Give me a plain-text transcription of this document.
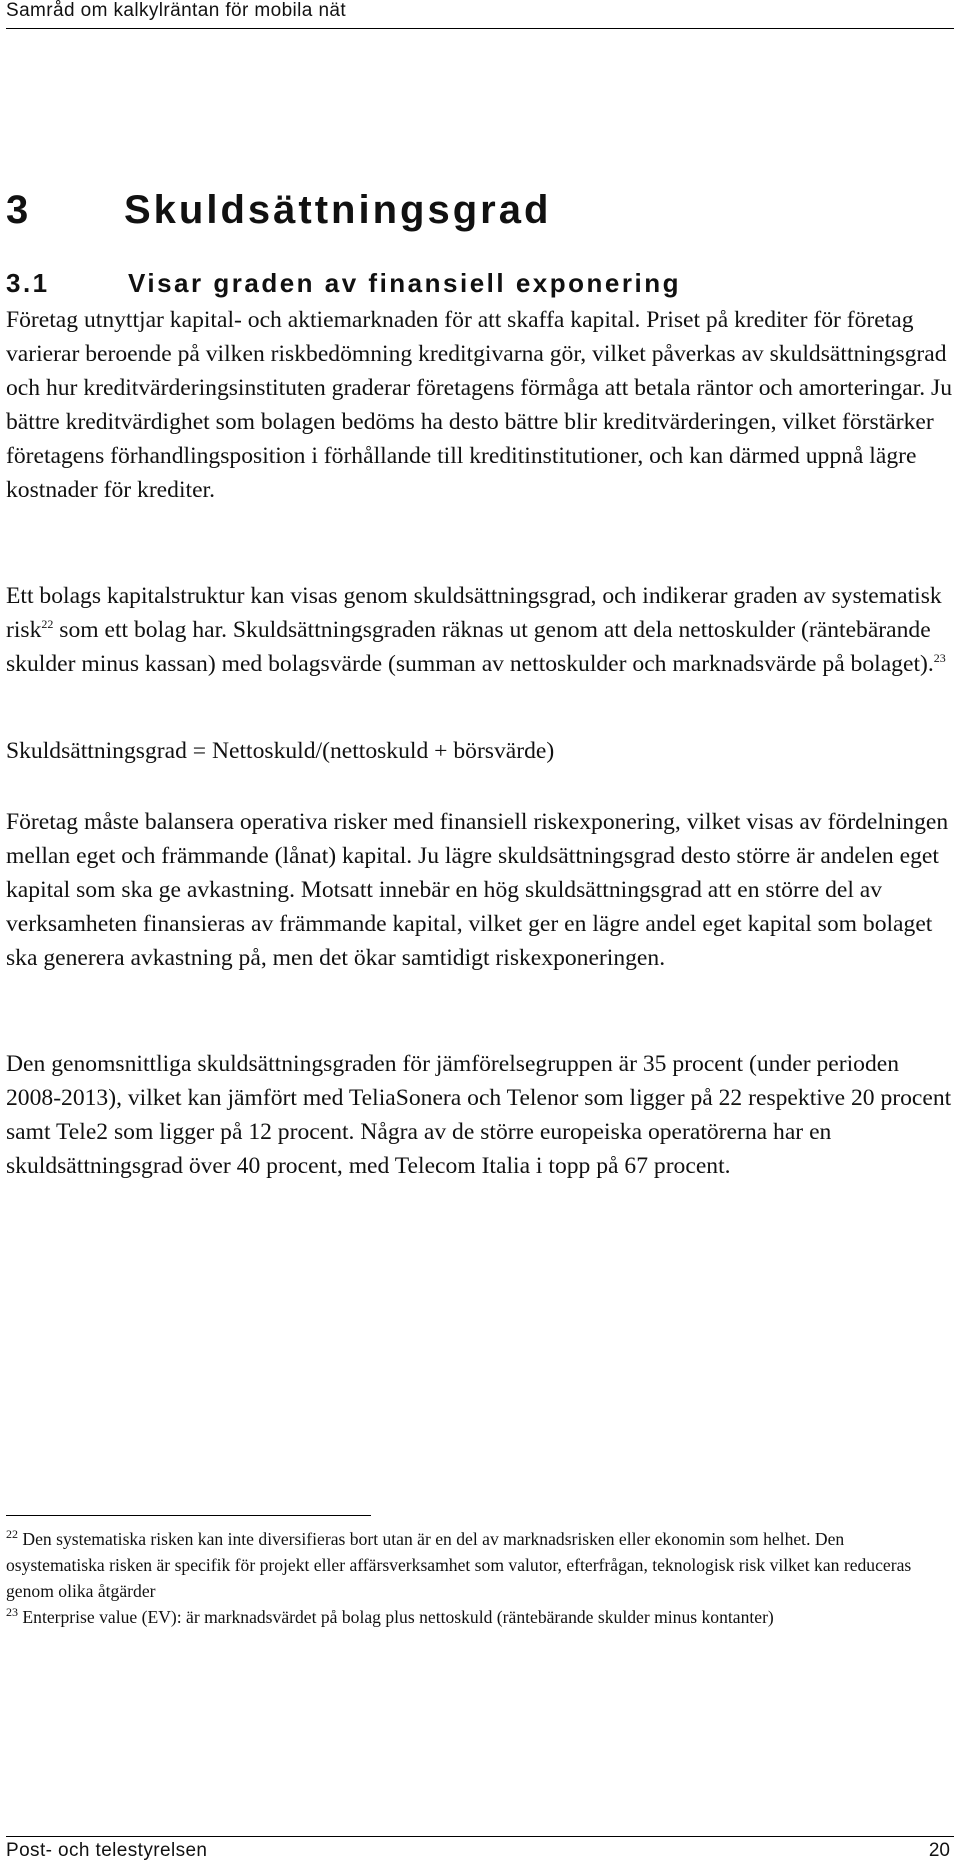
Samråd om kalkylräntan för mobila nät
3 Skuldsättningsgrad
3.1	Visar graden av finansiell exponering

Företag utnyttjar kapital- och aktiemarknaden för att skaffa kapital. Priset på krediter för företag varierar beroende på vilken riskbedömning kreditgivarna gör, vilket påverkas av skuldsättningsgrad och hur kreditvärderingsinstituten graderar företagens förmåga att betala räntor och amorteringar. Ju bättre kreditvärdighet som bolagen bedöms ha desto bättre blir kreditvärderingen, vilket förstärker företagens förhandlingsposition i förhållande till kreditinstitutioner, och kan därmed uppnå lägre kostnader för krediter.

Ett bolags kapitalstruktur kan visas genom skuldsättningsgrad, och indikerar graden av systematisk risk$^{22}$ som ett bolag har. Skuldsättningsgraden räknas ut genom att dela nettoskulder (räntebärande skulder minus kassan) med bolagsvärde (summan av nettoskulder och marknadsvärde på bolaget).$^{23}$

Skuldsättningsgrad = Nettoskuld/(nettoskuld + börsvärde)

Företag måste balansera operativa risker med finansiell riskexponering, vilket visas av fördelningen mellan eget och främmande (lånat) kapital. Ju lägre skuldsättningsgrad desto större är andelen eget kapital som ska ge avkastning. Motsatt innebär en hög skuldsättningsgrad att en större del av verksamheten finansieras av främmande kapital, vilket ger en lägre andel eget kapital som bolaget ska generera avkastning på, men det ökar samtidigt riskexponeringen.

Den genomsnittliga skuldsättningsgraden för jämförelsegruppen är 35 procent (under perioden 2008-2013), vilket kan jämfört med TeliaSonera och Telenor som ligger på 22 respektive 20 procent samt Tele2 som ligger på 12 procent. Några av de större europeiska operatörerna har en skuldsättningsgrad över 40 procent, med Telecom Italia i topp på 67 procent.

$^{22}$ Den systematiska risken kan inte diversifieras bort utan är en del av marknadsrisken eller ekonomin som helhet. Den osystematiska risken är specifik för projekt eller affärsverksamhet som valutor, efterfrågan, teknologisk risk vilket kan reduceras genom olika åtgärder
$^{23}$ Enterprise value (EV): är marknadsvärdet på bolag plus nettoskuld (räntebärande skulder minus kontanter)
Post- och telestyrelsen	20
